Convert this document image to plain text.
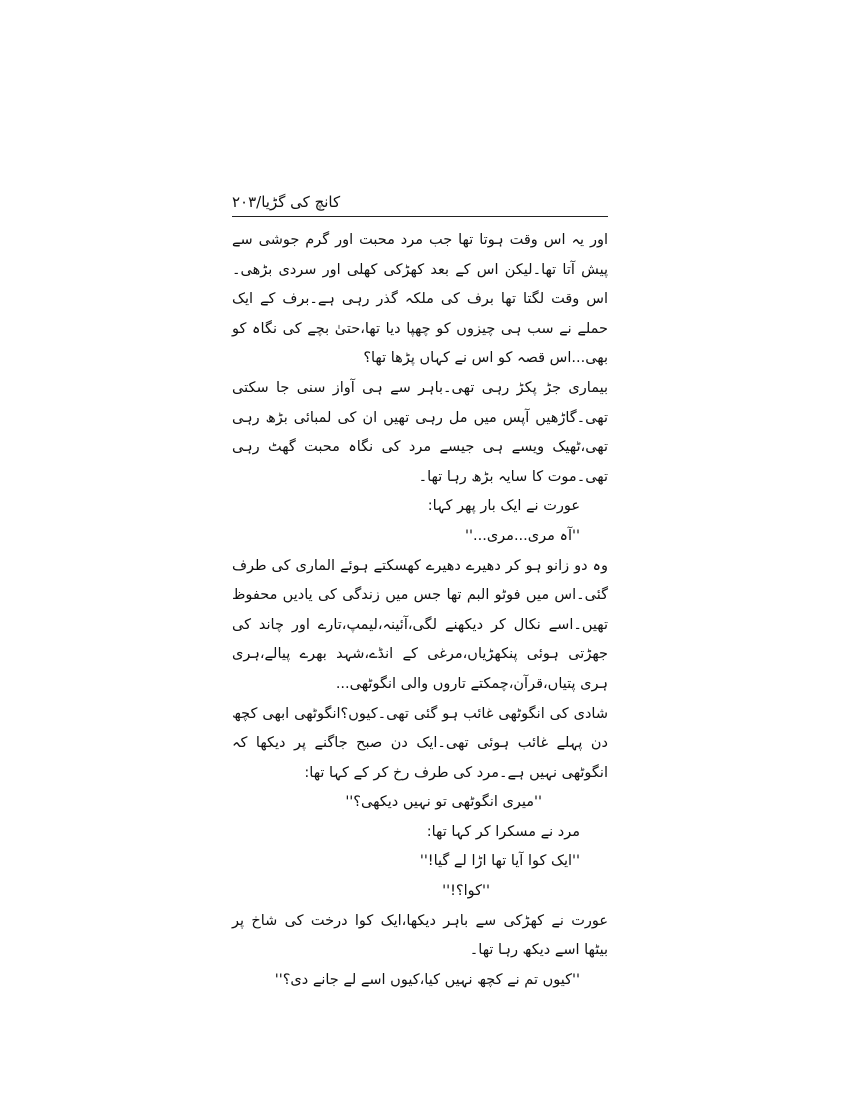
کانچ کی گڑیا/۲۰۳

اور یہ اس وقت ہوتا تھا جب مرد محبت اور گرم جوشی سے پیش آتا تھا۔لیکن اس کے بعد کھڑکی کھلی اور سردی بڑھی۔اس وقت لگتا تھا برف کی ملکہ گذر رہی ہے۔برف کے ایک حملے نے سب ہی چیزوں کو چھپا دیا تھا،حتیٰ بچے کی نگاہ کو بھی...اس قصہ کو اس نے کہاں پڑھا تھا؟

بیماری جڑ پکڑ رہی تھی۔باہر سے ہی آواز سنی جا سکتی تھی۔گاڑھیں آپس میں مل رہی تھیں ان کی لمبائی بڑھ رہی تھی،ٹھیک ویسے ہی جیسے مرد کی نگاہ محبت گھٹ رہی تھی۔موت کا سایہ بڑھ رہا تھا۔

عورت نے ایک بار پھر کہا:

''آہ مری...مری...''

وہ دو زانو ہو کر دھیرے دھیرے کھسکتے ہوئے الماری کی طرف گئی۔اس میں فوٹو البم تھا جس میں زندگی کی یادیں محفوظ تھیں۔اسے نکال کر دیکھنے لگی،آئینہ،لیمپ،تارے اور چاند کی جھڑتی ہوئی پنکھڑیاں،مرغی کے انڈے،شہد بھرے پیالے،ہری ہری پتیاں،قرآن،چمکتے تاروں والی انگوٹھی...

شادی کی انگوٹھی غائب ہو گئی تھی۔کیوں؟انگوٹھی ابھی کچھ دن پہلے غائب ہوئی تھی۔ایک دن صبح جاگنے پر دیکھا کہ انگوٹھی نہیں ہے۔مرد کی طرف رخ کر کے کہا تھا:

''میری انگوٹھی تو نہیں دیکھی؟''

مرد نے مسکرا کر کہا تھا:

''ایک کوا آیا تھا اڑا لے گیا!''

''کوا؟!''

عورت نے کھڑکی سے باہر دیکھا،ایک کوا درخت کی شاخ پر بیٹھا اسے دیکھ رہا تھا۔

''کیوں تم نے کچھ نہیں کیا،کیوں اسے لے جانے دی؟''
